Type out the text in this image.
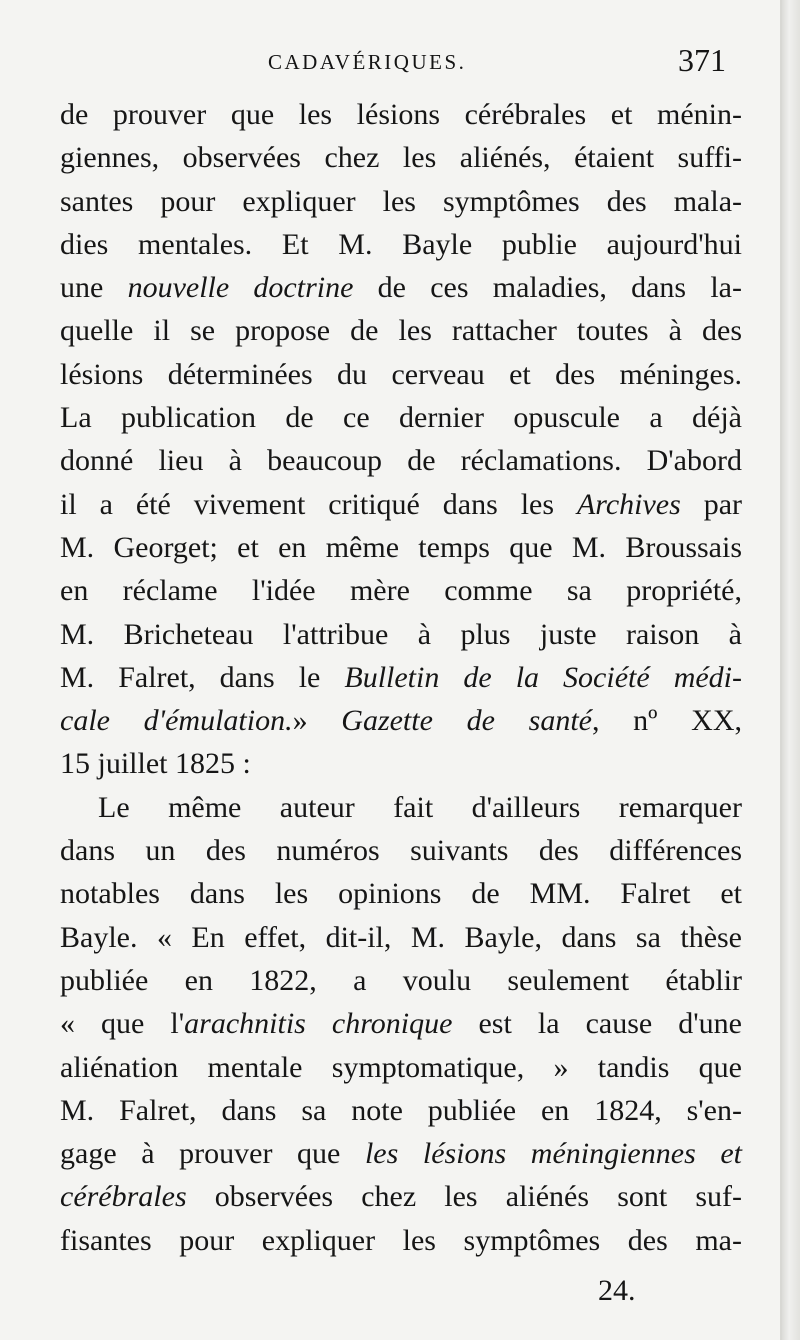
CADAVÉRIQUES.	371
de prouver que les lésions cérébrales et ménin-
giennes, observées chez les aliénés, étaient suffi-
santes pour expliquer les symptômes des mala-
dies mentales. Et M. Bayle publie aujourd'hui
une nouvelle doctrine de ces maladies, dans la-
quelle il se propose de les rattacher toutes à des
lésions déterminées du cerveau et des méninges.
La publication de ce dernier opuscule a déjà
donné lieu à beaucoup de réclamations. D'abord
il a été vivement critiqué dans les Archives par
M. Georget; et en même temps que M. Broussais
en réclame l'idée mère comme sa propriété,
M. Bricheteau l'attribue à plus juste raison à
M. Falret, dans le Bulletin de la Société médi-
cale d'émulation.» Gazette de santé, nº XX,
15 juillet 1825 :
Le même auteur fait d'ailleurs remarquer
dans un des numéros suivants des différences
notables dans les opinions de MM. Falret et
Bayle. « En effet, dit-il, M. Bayle, dans sa thèse
publiée en 1822, a voulu seulement établir
« que l'arachnitis chronique est la cause d'une
aliénation mentale symptomatique, » tandis que
M. Falret, dans sa note publiée en 1824, s'en-
gage à prouver que les lésions méningiennes et
cérébrales observées chez les aliénés sont suf-
fisantes pour expliquer les symptômes des ma-
24.
